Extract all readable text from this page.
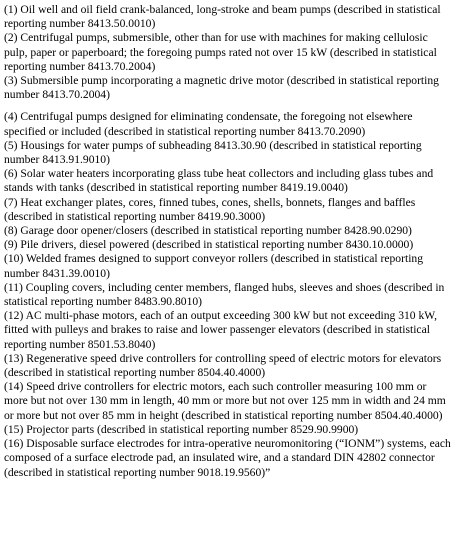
(1) Oil well and oil field crank-balanced, long-stroke and beam pumps (described in statistical reporting number 8413.50.0010)

(2) Centrifugal pumps, submersible, other than for use with machines for making cellulosic pulp, paper or paperboard; the foregoing pumps rated not over 15 kW (described in statistical reporting number 8413.70.2004)

(3) Submersible pump incorporating a magnetic drive motor (described in statistical reporting number 8413.70.2004)

(4) Centrifugal pumps designed for eliminating condensate, the foregoing not elsewhere specified or included (described in statistical reporting number 8413.70.2090)

(5) Housings for water pumps of subheading 8413.30.90 (described in statistical reporting number 8413.91.9010)

(6) Solar water heaters incorporating glass tube heat collectors and including glass tubes and stands with tanks (described in statistical reporting number 8419.19.0040)

(7) Heat exchanger plates, cores, finned tubes, cones, shells, bonnets, flanges and baffles (described in statistical reporting number 8419.90.3000)

(8) Garage door opener/closers (described in statistical reporting number 8428.90.0290)

(9) Pile drivers, diesel powered (described in statistical reporting number 8430.10.0000)

(10) Welded frames designed to support conveyor rollers (described in statistical reporting number 8431.39.0010)

(11) Coupling covers, including center members, flanged hubs, sleeves and shoes (described in statistical reporting number 8483.90.8010)

(12) AC multi-phase motors, each of an output exceeding 300 kW but not exceeding 310 kW, fitted with pulleys and brakes to raise and lower passenger elevators (described in statistical reporting number 8501.53.8040)

(13) Regenerative speed drive controllers for controlling speed of electric motors for elevators (described in statistical reporting number 8504.40.4000)

(14) Speed drive controllers for electric motors, each such controller measuring 100 mm or more but not over 130 mm in length, 40 mm or more but not over 125 mm in width and 24 mm or more but not over 85 mm in height (described in statistical reporting number 8504.40.4000)

(15) Projector parts (described in statistical reporting number 8529.90.9900)

(16) Disposable surface electrodes for intra-operative neuromonitoring (“IONM”) systems, each composed of a surface electrode pad, an insulated wire, and a standard DIN 42802 connector (described in statistical reporting number 9018.19.9560)”
